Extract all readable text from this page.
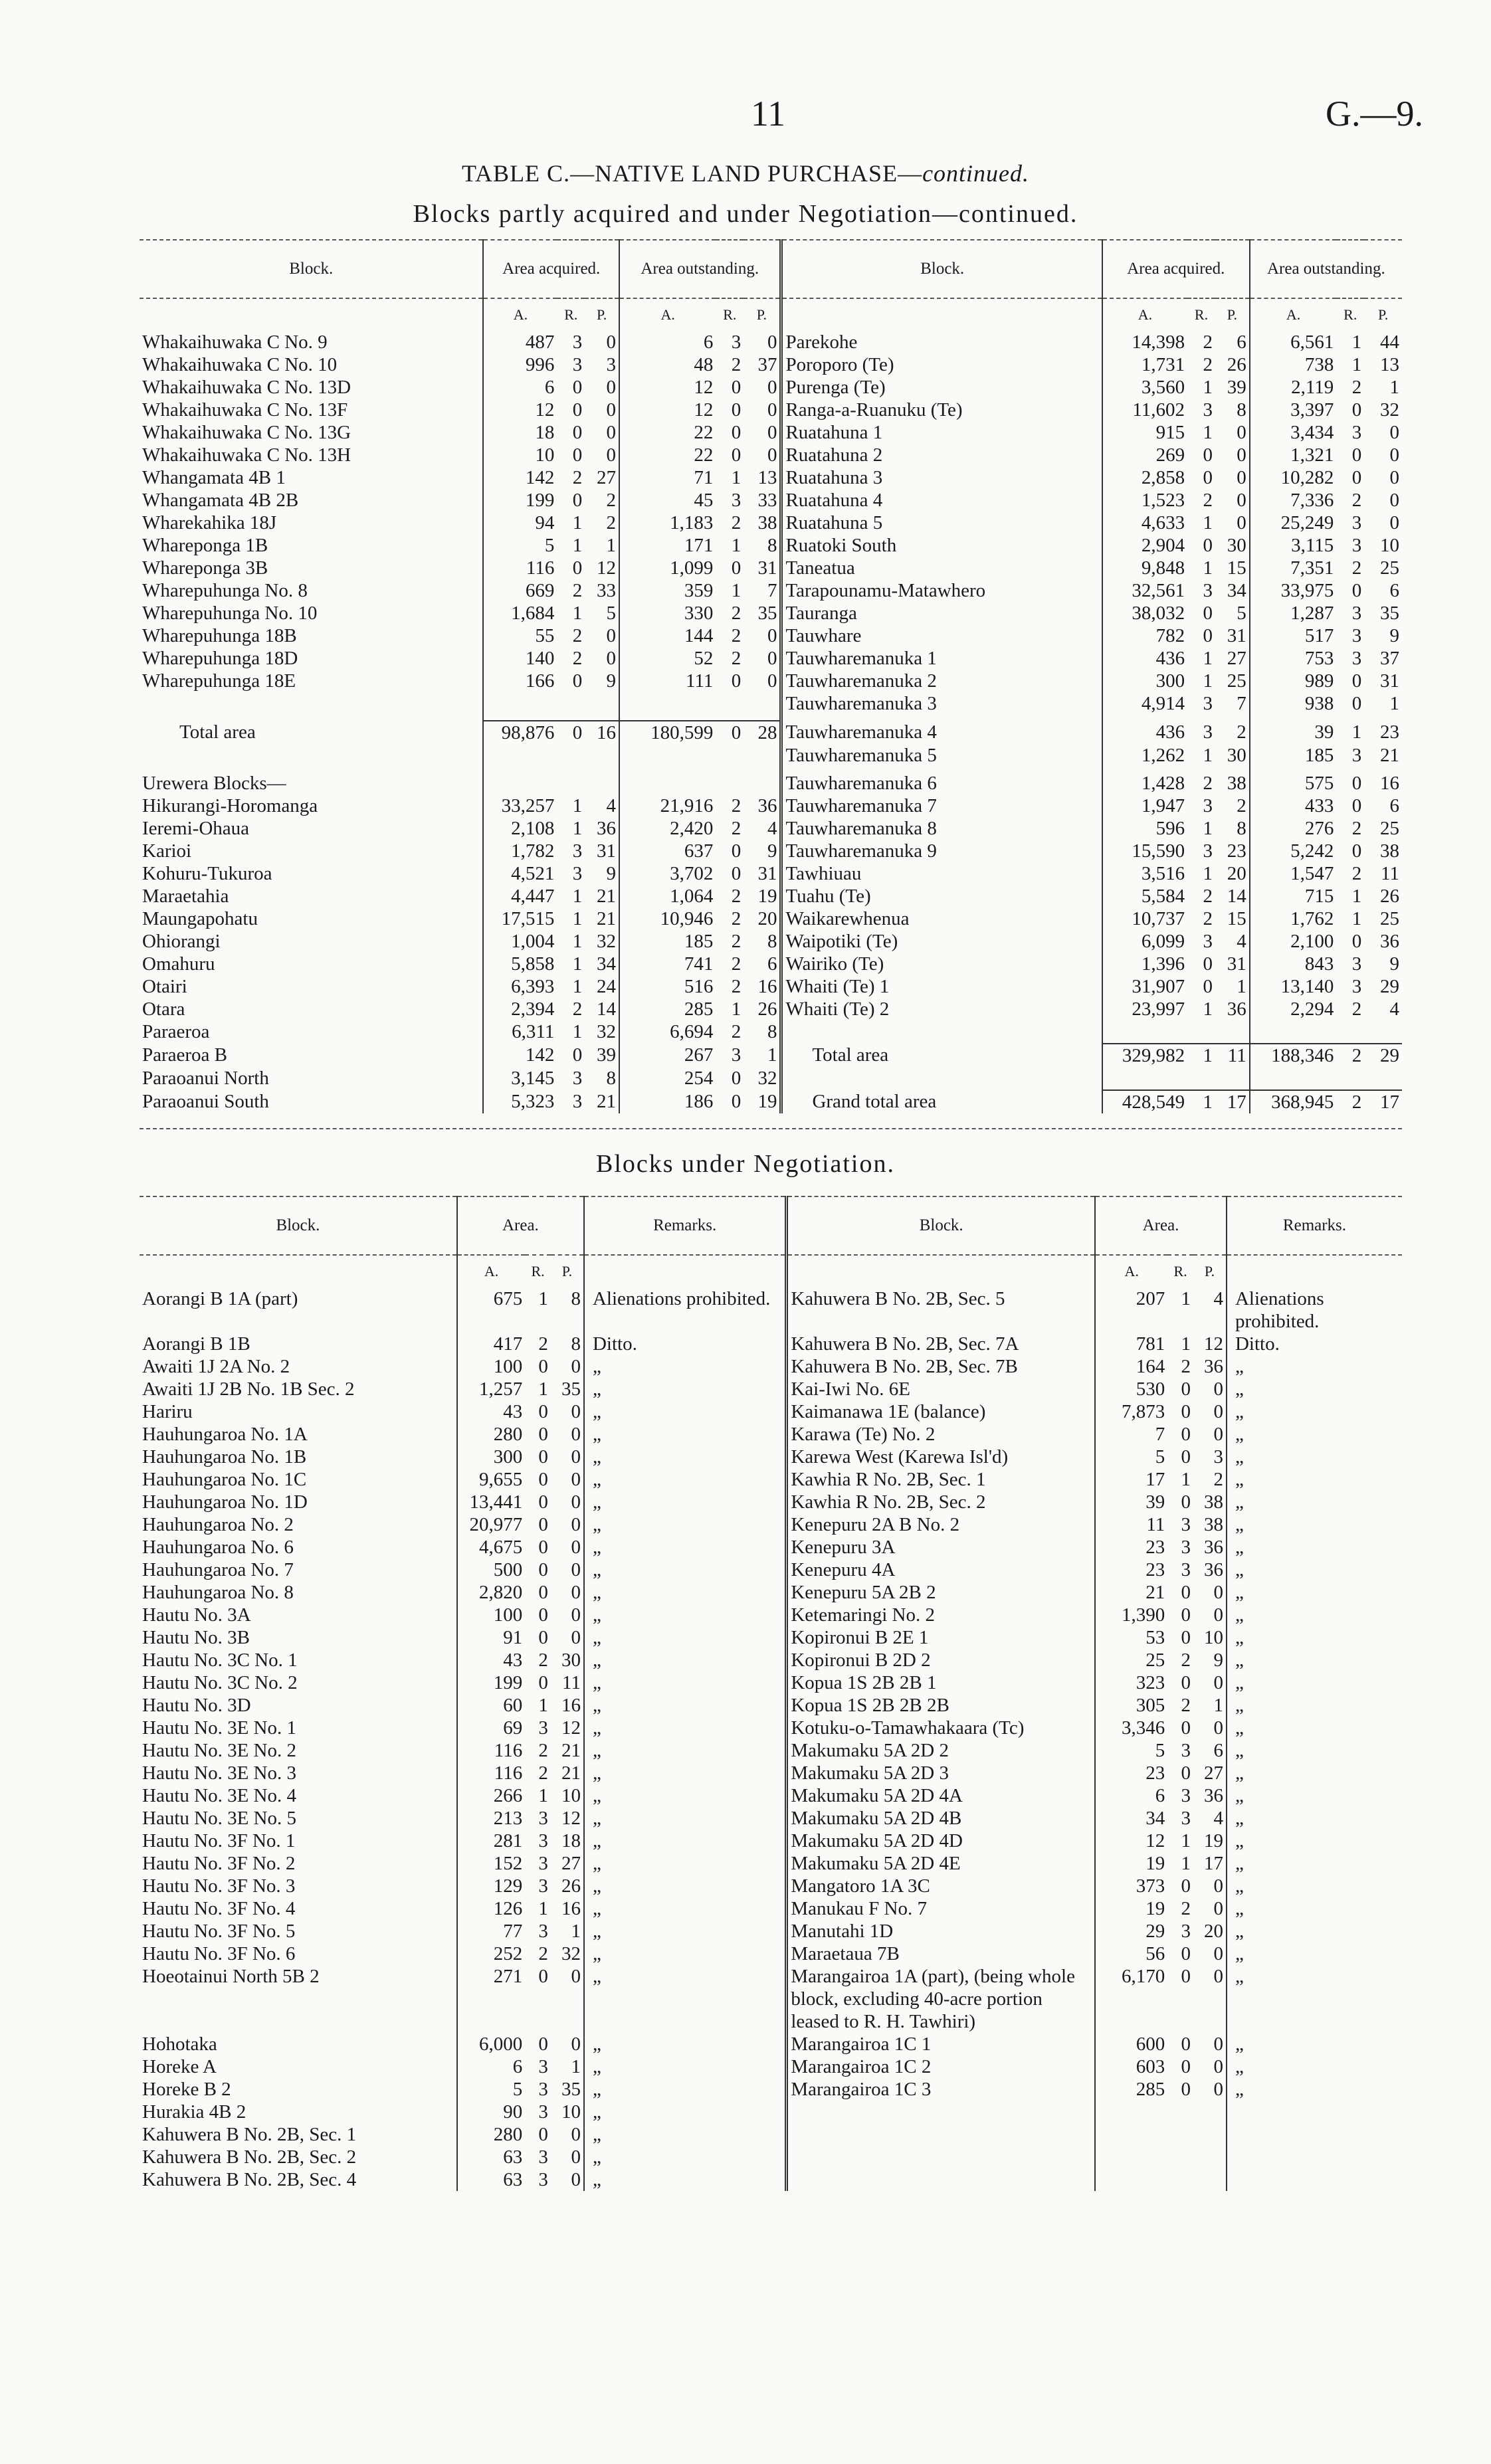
11	G.—9.
TABLE C.—NATIVE LAND PURCHASE—continued.
Blocks partly acquired and under Negotiation—continued.
Block.	Area acquired.			Area outstanding.			Block.	Area acquired.			Area outstanding.		
	A.	R.	P.	A.	R.	P.		A.	R.	P.	A.	R.	P.
Whakaihuwaka C No. 9	487	3	0	6	3	0	Parekohe	14,398	2	6	6,561	1	44
Whakaihuwaka C No. 10	996	3	3	48	2	37	Poroporo (Te)	1,731	2	26	738	1	13
Whakaihuwaka C No. 13D	6	0	0	12	0	0	Purenga (Te)	3,560	1	39	2,119	2	1
Whakaihuwaka C No. 13F	12	0	0	12	0	0	Ranga-a-Ruanuku (Te)	11,602	3	8	3,397	0	32
Whakaihuwaka C No. 13G	18	0	0	22	0	0	Ruatahuna 1	915	1	0	3,434	3	0
Whakaihuwaka C No. 13H	10	0	0	22	0	0	Ruatahuna 2	269	0	0	1,321	0	0
Whangamata 4B 1	142	2	27	71	1	13	Ruatahuna 3	2,858	0	0	10,282	0	0
Whangamata 4B 2B	199	0	2	45	3	33	Ruatahuna 4	1,523	2	0	7,336	2	0
Wharekahika 18J	94	1	2	1,183	2	38	Ruatahuna 5	4,633	1	0	25,249	3	0
Whareponga 1B	5	1	1	171	1	8	Ruatoki South	2,904	0	30	3,115	3	10
Whareponga 3B	116	0	12	1,099	0	31	Taneatua	9,848	1	15	7,351	2	25
Wharepuhunga No. 8	669	2	33	359	1	7	Tarapounamu-Matawhero	32,561	3	34	33,975	0	6
Wharepuhunga No. 10	1,684	1	5	330	2	35	Tauranga	38,032	0	5	1,287	3	35
Wharepuhunga 18B	55	2	0	144	2	0	Tauwhare	782	0	31	517	3	9
Wharepuhunga 18D	140	2	0	52	2	0	Tauwharemanuka 1	436	1	27	753	3	37
Wharepuhunga 18E	166	0	9	111	0	0	Tauwharemanuka 2	300	1	25	989	0	31
							Tauwharemanuka 3	4,914	3	7	938	0	1
Total area	98,876	0	16	180,599	0	28	Tauwharemanuka 4	436	3	2	39	1	23
							Tauwharemanuka 5	1,262	1	30	185	3	21
Urewera Blocks—							Tauwharemanuka 6	1,428	2	38	575	0	16
Hikurangi-Horomanga	33,257	1	4	21,916	2	36	Tauwharemanuka 7	1,947	3	2	433	0	6
Ieremi-Ohaua	2,108	1	36	2,420	2	4	Tauwharemanuka 8	596	1	8	276	2	25
Karioi	1,782	3	31	637	0	9	Tauwharemanuka 9	15,590	3	23	5,242	0	38
Kohuru-Tukuroa	4,521	3	9	3,702	0	31	Tawhiuau	3,516	1	20	1,547	2	11
Maraetahia	4,447	1	21	1,064	2	19	Tuahu (Te)	5,584	2	14	715	1	26
Maungapohatu	17,515	1	21	10,946	2	20	Waikarewhenua	10,737	2	15	1,762	1	25
Ohiorangi	1,004	1	32	185	2	8	Waipotiki (Te)	6,099	3	4	2,100	0	36
Omahuru	5,858	1	34	741	2	6	Wairiko (Te)	1,396	0	31	843	3	9
Otairi	6,393	1	24	516	2	16	Whaiti (Te) 1	31,907	0	1	13,140	3	29
Otara	2,394	2	14	285	1	26	Whaiti (Te) 2	23,997	1	36	2,294	2	4
Paraeroa	6,311	1	32	6,694	2	8							
Paraeroa B	142	0	39	267	3	1	Total area	329,982	1	11	188,346	2	29
Paraoanui North	3,145	3	8	254	0	32							
Paraoanui South	5,323	3	21	186	0	19	Grand total area	428,549	1	17	368,945	2	17
Blocks under Negotiation.
Block.	Area.			Remarks.	Block.	Area.			Remarks.
	A.	R.	P.			A.	R.	P.	
Aorangi B 1A (part)	675	1	8	Alienations prohibited.	Kahuwera B No. 2B, Sec. 5	207	1	4	Alienations prohibited.
Aorangi B 1B	417	2	8	Ditto.	Kahuwera B No. 2B, Sec. 7A	781	1	12	Ditto.
Awaiti 1J 2A No. 2	100	0	0	„	Kahuwera B No. 2B, Sec. 7B	164	2	36	„
Awaiti 1J 2B No. 1B Sec. 2	1,257	1	35	„	Kai-Iwi No. 6E	530	0	0	„
Hariru	43	0	0	„	Kaimanawa 1E (balance)	7,873	0	0	„
Hauhungaroa No. 1A	280	0	0	„	Karawa (Te) No. 2	7	0	0	„
Hauhungaroa No. 1B	300	0	0	„	Karewa West (Karewa Isl'd)	5	0	3	„
Hauhungaroa No. 1C	9,655	0	0	„	Kawhia R No. 2B, Sec. 1	17	1	2	„
Hauhungaroa No. 1D	13,441	0	0	„	Kawhia R No. 2B, Sec. 2	39	0	38	„
Hauhungaroa No. 2	20,977	0	0	„	Kenepuru 2A B No. 2	11	3	38	„
Hauhungaroa No. 6	4,675	0	0	„	Kenepuru 3A	23	3	36	„
Hauhungaroa No. 7	500	0	0	„	Kenepuru 4A	23	3	36	„
Hauhungaroa No. 8	2,820	0	0	„	Kenepuru 5A 2B 2	21	0	0	„
Hautu No. 3A	100	0	0	„	Ketemaringi No. 2	1,390	0	0	„
Hautu No. 3B	91	0	0	„	Kopironui B 2E 1	53	0	10	„
Hautu No. 3C No. 1	43	2	30	„	Kopironui B 2D 2	25	2	9	„
Hautu No. 3C No. 2	199	0	11	„	Kopua 1S 2B 2B 1	323	0	0	„
Hautu No. 3D	60	1	16	„	Kopua 1S 2B 2B 2B	305	2	1	„
Hautu No. 3E No. 1	69	3	12	„	Kotuku-o-Tamawhakaara (Tc)	3,346	0	0	„
Hautu No. 3E No. 2	116	2	21	„	Makumaku 5A 2D 2	5	3	6	„
Hautu No. 3E No. 3	116	2	21	„	Makumaku 5A 2D 3	23	0	27	„
Hautu No. 3E No. 4	266	1	10	„	Makumaku 5A 2D 4A	6	3	36	„
Hautu No. 3E No. 5	213	3	12	„	Makumaku 5A 2D 4B	34	3	4	„
Hautu No. 3F No. 1	281	3	18	„	Makumaku 5A 2D 4D	12	1	19	„
Hautu No. 3F No. 2	152	3	27	„	Makumaku 5A 2D 4E	19	1	17	„
Hautu No. 3F No. 3	129	3	26	„	Mangatoro 1A 3C	373	0	0	„
Hautu No. 3F No. 4	126	1	16	„	Manukau F No. 7	19	2	0	„
Hautu No. 3F No. 5	77	3	1	„	Manutahi 1D	29	3	20	„
Hautu No. 3F No. 6	252	2	32	„	Maraetaua 7B	56	0	0	„
Hoeotainui North 5B 2	271	0	0	„	Marangairoa 1A (part), (being whole block, excluding 40-acre portion leased to R. H. Tawhiri)	6,170	0	0	„
Hohotaka	6,000	0	0	„	Marangairoa 1C 1	600	0	0	„
Horeke A	6	3	1	„	Marangairoa 1C 2	603	0	0	„
Horeke B 2	5	3	35	„	Marangairoa 1C 3	285	0	0	„
Hurakia 4B 2	90	3	10	„					
Kahuwera B No. 2B, Sec. 1	280	0	0	„					
Kahuwera B No. 2B, Sec. 2	63	3	0	„					
Kahuwera B No. 2B, Sec. 4	63	3	0	„					
